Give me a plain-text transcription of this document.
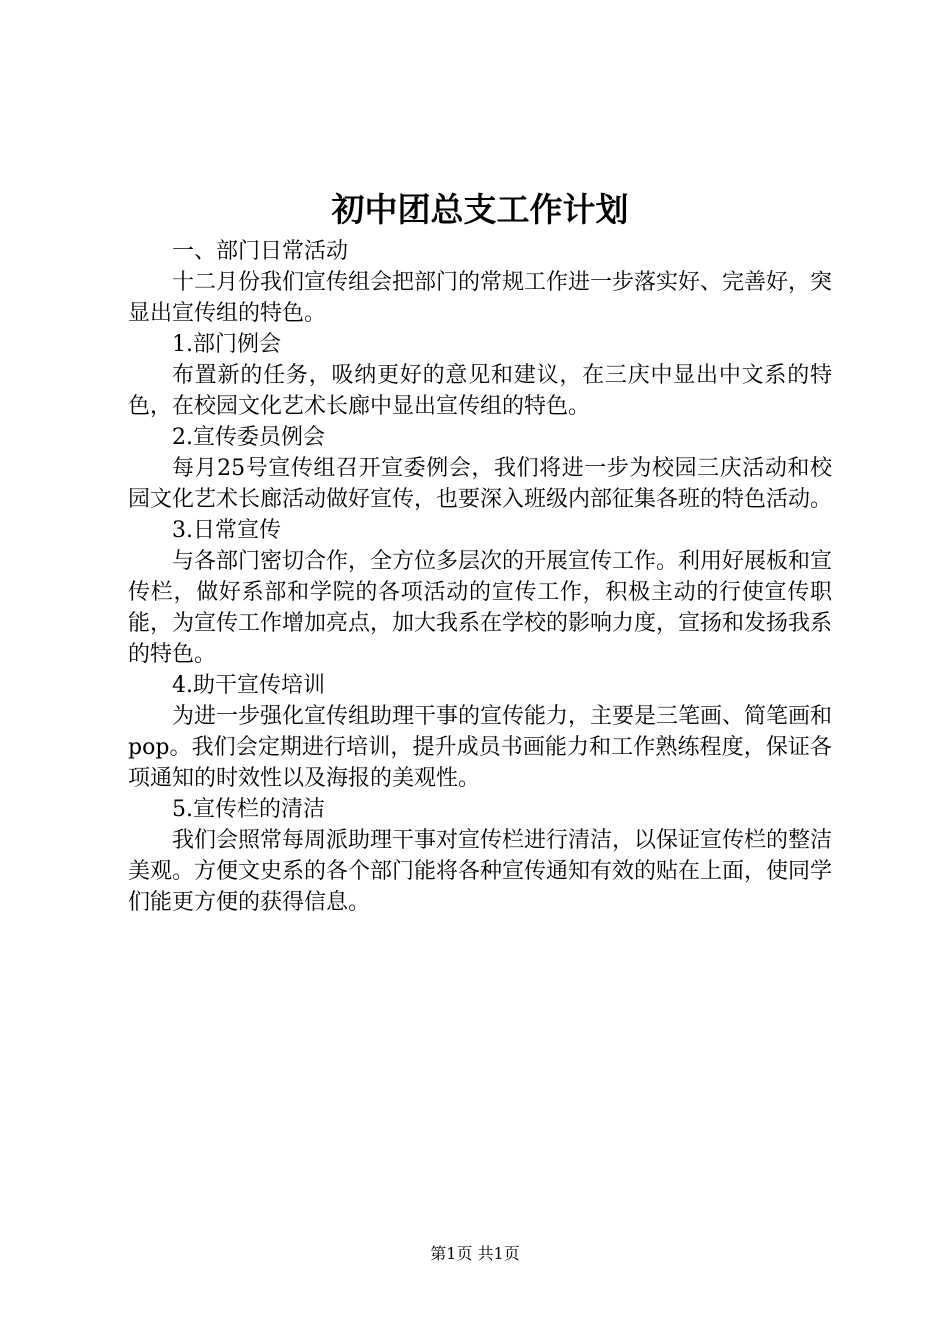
初中团总支工作计划

一、部门日常活动

十二月份我们宣传组会把部门的常规工作进一步落实好、完善好，突显出宣传组的特色。

1.部门例会

布置新的任务，吸纳更好的意见和建议，在三庆中显出中文系的特色，在校园文化艺术长廊中显出宣传组的特色。

2.宣传委员例会

每月25号宣传组召开宣委例会，我们将进一步为校园三庆活动和校园文化艺术长廊活动做好宣传，也要深入班级内部征集各班的特色活动。

3.日常宣传

与各部门密切合作，全方位多层次的开展宣传工作。利用好展板和宣传栏，做好系部和学院的各项活动的宣传工作，积极主动的行使宣传职能，为宣传工作增加亮点，加大我系在学校的影响力度，宣扬和发扬我系的特色。

4.助干宣传培训

为进一步强化宣传组助理干事的宣传能力，主要是三笔画、简笔画和pop。我们会定期进行培训，提升成员书画能力和工作熟练程度，保证各项通知的时效性以及海报的美观性。

5.宣传栏的清洁

我们会照常每周派助理干事对宣传栏进行清洁，以保证宣传栏的整洁美观。方便文史系的各个部门能将各种宣传通知有效的贴在上面，使同学们能更方便的获得信息。

第1页 共1页
